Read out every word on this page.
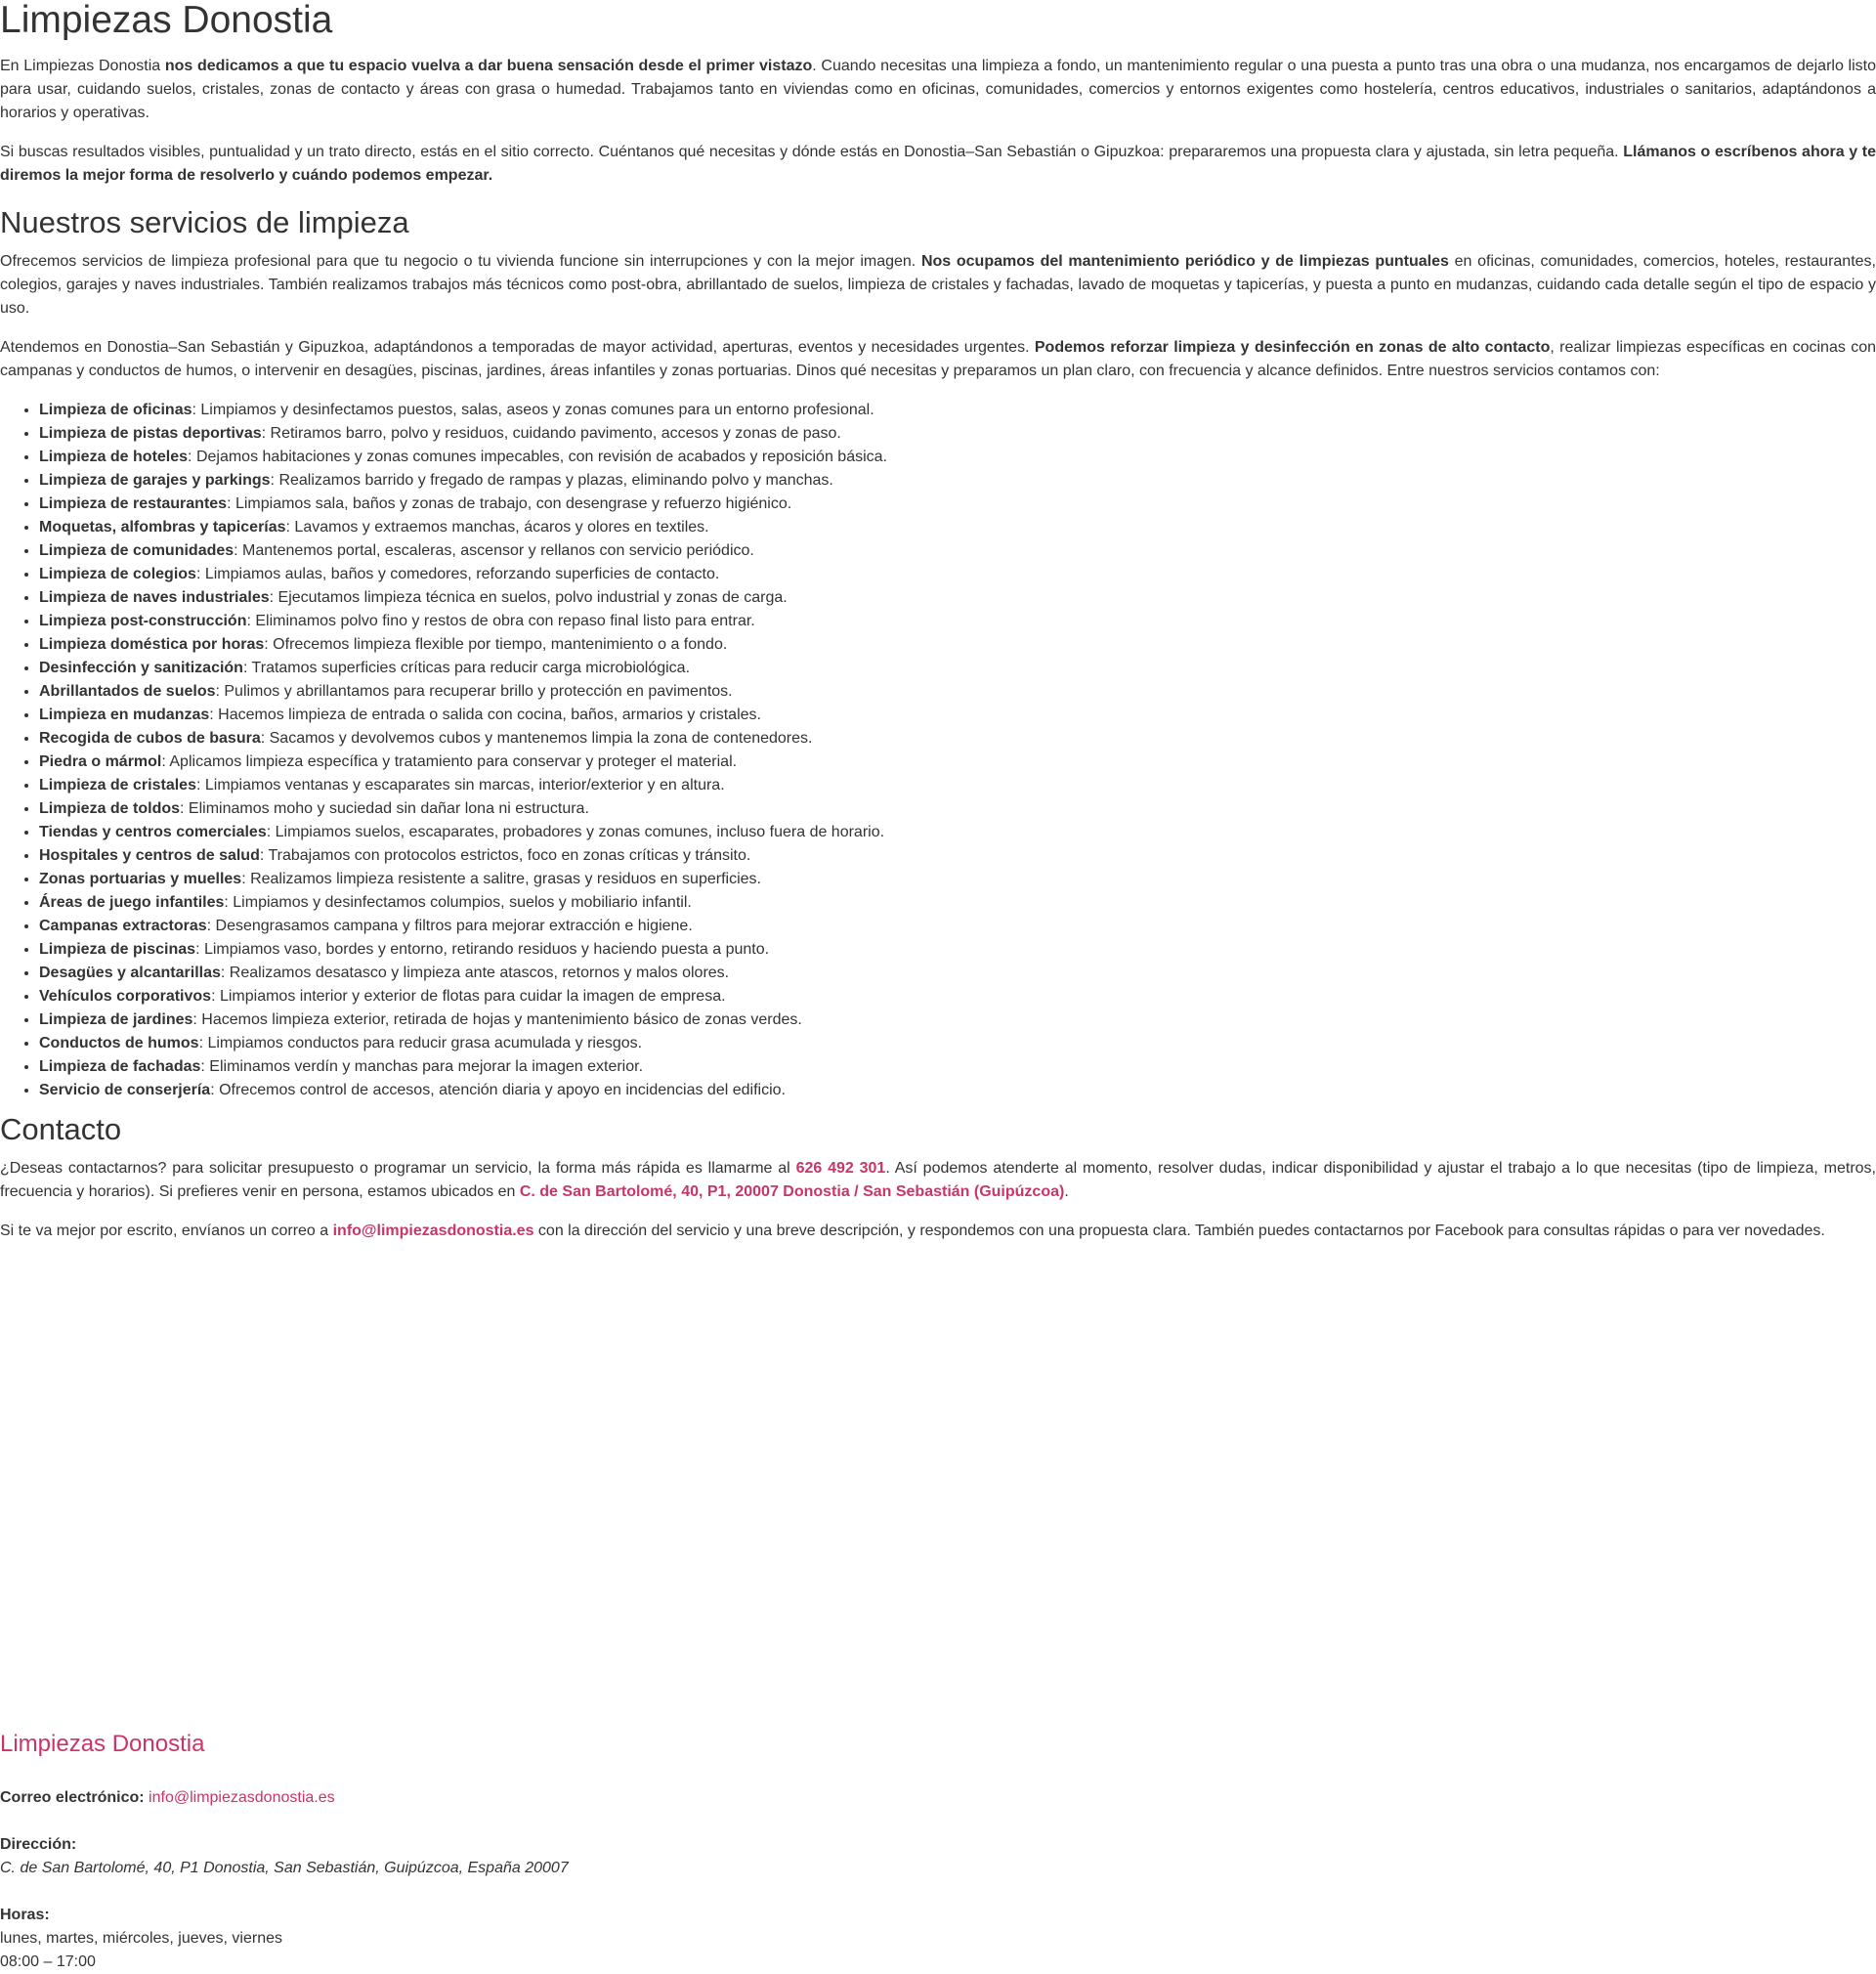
Limpiezas Donostia

En Limpiezas Donostia nos dedicamos a que tu espacio vuelva a dar buena sensación desde el primer vistazo. Cuando necesitas una limpieza a fondo, un mantenimiento regular o una puesta a punto tras una obra o una mudanza, nos encargamos de dejarlo listo para usar, cuidando suelos, cristales, zonas de contacto y áreas con grasa o humedad. Trabajamos tanto en viviendas como en oficinas, comunidades, comercios y entornos exigentes como hostelería, centros educativos, industriales o sanitarios, adaptándonos a horarios y operativas.

Si buscas resultados visibles, puntualidad y un trato directo, estás en el sitio correcto. Cuéntanos qué necesitas y dónde estás en Donostia–San Sebastián o Gipuzkoa: prepararemos una propuesta clara y ajustada, sin letra pequeña. Llámanos o escríbenos ahora y te diremos la mejor forma de resolverlo y cuándo podemos empezar.

Nuestros servicios de limpieza

Ofrecemos servicios de limpieza profesional para que tu negocio o tu vivienda funcione sin interrupciones y con la mejor imagen. Nos ocupamos del mantenimiento periódico y de limpiezas puntuales en oficinas, comunidades, comercios, hoteles, restaurantes, colegios, garajes y naves industriales. También realizamos trabajos más técnicos como post-obra, abrillantado de suelos, limpieza de cristales y fachadas, lavado de moquetas y tapicerías, y puesta a punto en mudanzas, cuidando cada detalle según el tipo de espacio y uso.

Atendemos en Donostia–San Sebastián y Gipuzkoa, adaptándonos a temporadas de mayor actividad, aperturas, eventos y necesidades urgentes. Podemos reforzar limpieza y desinfección en zonas de alto contacto, realizar limpiezas específicas en cocinas con campanas y conductos de humos, o intervenir en desagües, piscinas, jardines, áreas infantiles y zonas portuarias. Dinos qué necesitas y preparamos un plan claro, con frecuencia y alcance definidos. Entre nuestros servicios contamos con:

• Limpieza de oficinas: Limpiamos y desinfectamos puestos, salas, aseos y zonas comunes para un entorno profesional.
• Limpieza de pistas deportivas: Retiramos barro, polvo y residuos, cuidando pavimento, accesos y zonas de paso.
• Limpieza de hoteles: Dejamos habitaciones y zonas comunes impecables, con revisión de acabados y reposición básica.
• Limpieza de garajes y parkings: Realizamos barrido y fregado de rampas y plazas, eliminando polvo y manchas.
• Limpieza de restaurantes: Limpiamos sala, baños y zonas de trabajo, con desengrase y refuerzo higiénico.
• Moquetas, alfombras y tapicerías: Lavamos y extraemos manchas, ácaros y olores en textiles.
• Limpieza de comunidades: Mantenemos portal, escaleras, ascensor y rellanos con servicio periódico.
• Limpieza de colegios: Limpiamos aulas, baños y comedores, reforzando superficies de contacto.
• Limpieza de naves industriales: Ejecutamos limpieza técnica en suelos, polvo industrial y zonas de carga.
• Limpieza post-construcción: Eliminamos polvo fino y restos de obra con repaso final listo para entrar.
• Limpieza doméstica por horas: Ofrecemos limpieza flexible por tiempo, mantenimiento o a fondo.
• Desinfección y sanitización: Tratamos superficies críticas para reducir carga microbiológica.
• Abrillantados de suelos: Pulimos y abrillantamos para recuperar brillo y protección en pavimentos.
• Limpieza en mudanzas: Hacemos limpieza de entrada o salida con cocina, baños, armarios y cristales.
• Recogida de cubos de basura: Sacamos y devolvemos cubos y mantenemos limpia la zona de contenedores.
• Piedra o mármol: Aplicamos limpieza específica y tratamiento para conservar y proteger el material.
• Limpieza de cristales: Limpiamos ventanas y escaparates sin marcas, interior/exterior y en altura.
• Limpieza de toldos: Eliminamos moho y suciedad sin dañar lona ni estructura.
• Tiendas y centros comerciales: Limpiamos suelos, escaparates, probadores y zonas comunes, incluso fuera de horario.
• Hospitales y centros de salud: Trabajamos con protocolos estrictos, foco en zonas críticas y tránsito.
• Zonas portuarias y muelles: Realizamos limpieza resistente a salitre, grasas y residuos en superficies.
• Áreas de juego infantiles: Limpiamos y desinfectamos columpios, suelos y mobiliario infantil.
• Campanas extractoras: Desengrasamos campana y filtros para mejorar extracción e higiene.
• Limpieza de piscinas: Limpiamos vaso, bordes y entorno, retirando residuos y haciendo puesta a punto.
• Desagües y alcantarillas: Realizamos desatasco y limpieza ante atascos, retornos y malos olores.
• Vehículos corporativos: Limpiamos interior y exterior de flotas para cuidar la imagen de empresa.
• Limpieza de jardines: Hacemos limpieza exterior, retirada de hojas y mantenimiento básico de zonas verdes.
• Conductos de humos: Limpiamos conductos para reducir grasa acumulada y riesgos.
• Limpieza de fachadas: Eliminamos verdín y manchas para mejorar la imagen exterior.
• Servicio de conserjería: Ofrecemos control de accesos, atención diaria y apoyo en incidencias del edificio.
Contacto

¿Deseas contactarnos? para solicitar presupuesto o programar un servicio, la forma más rápida es llamarme al 626 492 301. Así podemos atenderte al momento, resolver dudas, indicar disponibilidad y ajustar el trabajo a lo que necesitas (tipo de limpieza, metros, frecuencia y horarios). Si prefieres venir en persona, estamos ubicados en C. de San Bartolomé, 40, P1, 20007 Donostia / San Sebastián (Guipúzcoa).

Si te va mejor por escrito, envíanos un correo a info@limpiezasdonostia.es con la dirección del servicio y una breve descripción, y respondemos con una propuesta clara. También puedes contactarnos por Facebook para consultas rápidas o para ver novedades.

Limpiezas Donostia
Correo electrónico: info@limpiezasdonostia.es
Dirección:
C. de San Bartolomé, 40, P1 Donostia, San Sebastián, Guipúzcoa, España 20007
Horas:
lunes, martes, miércoles, jueves, viernes
08:00 – 17:00
